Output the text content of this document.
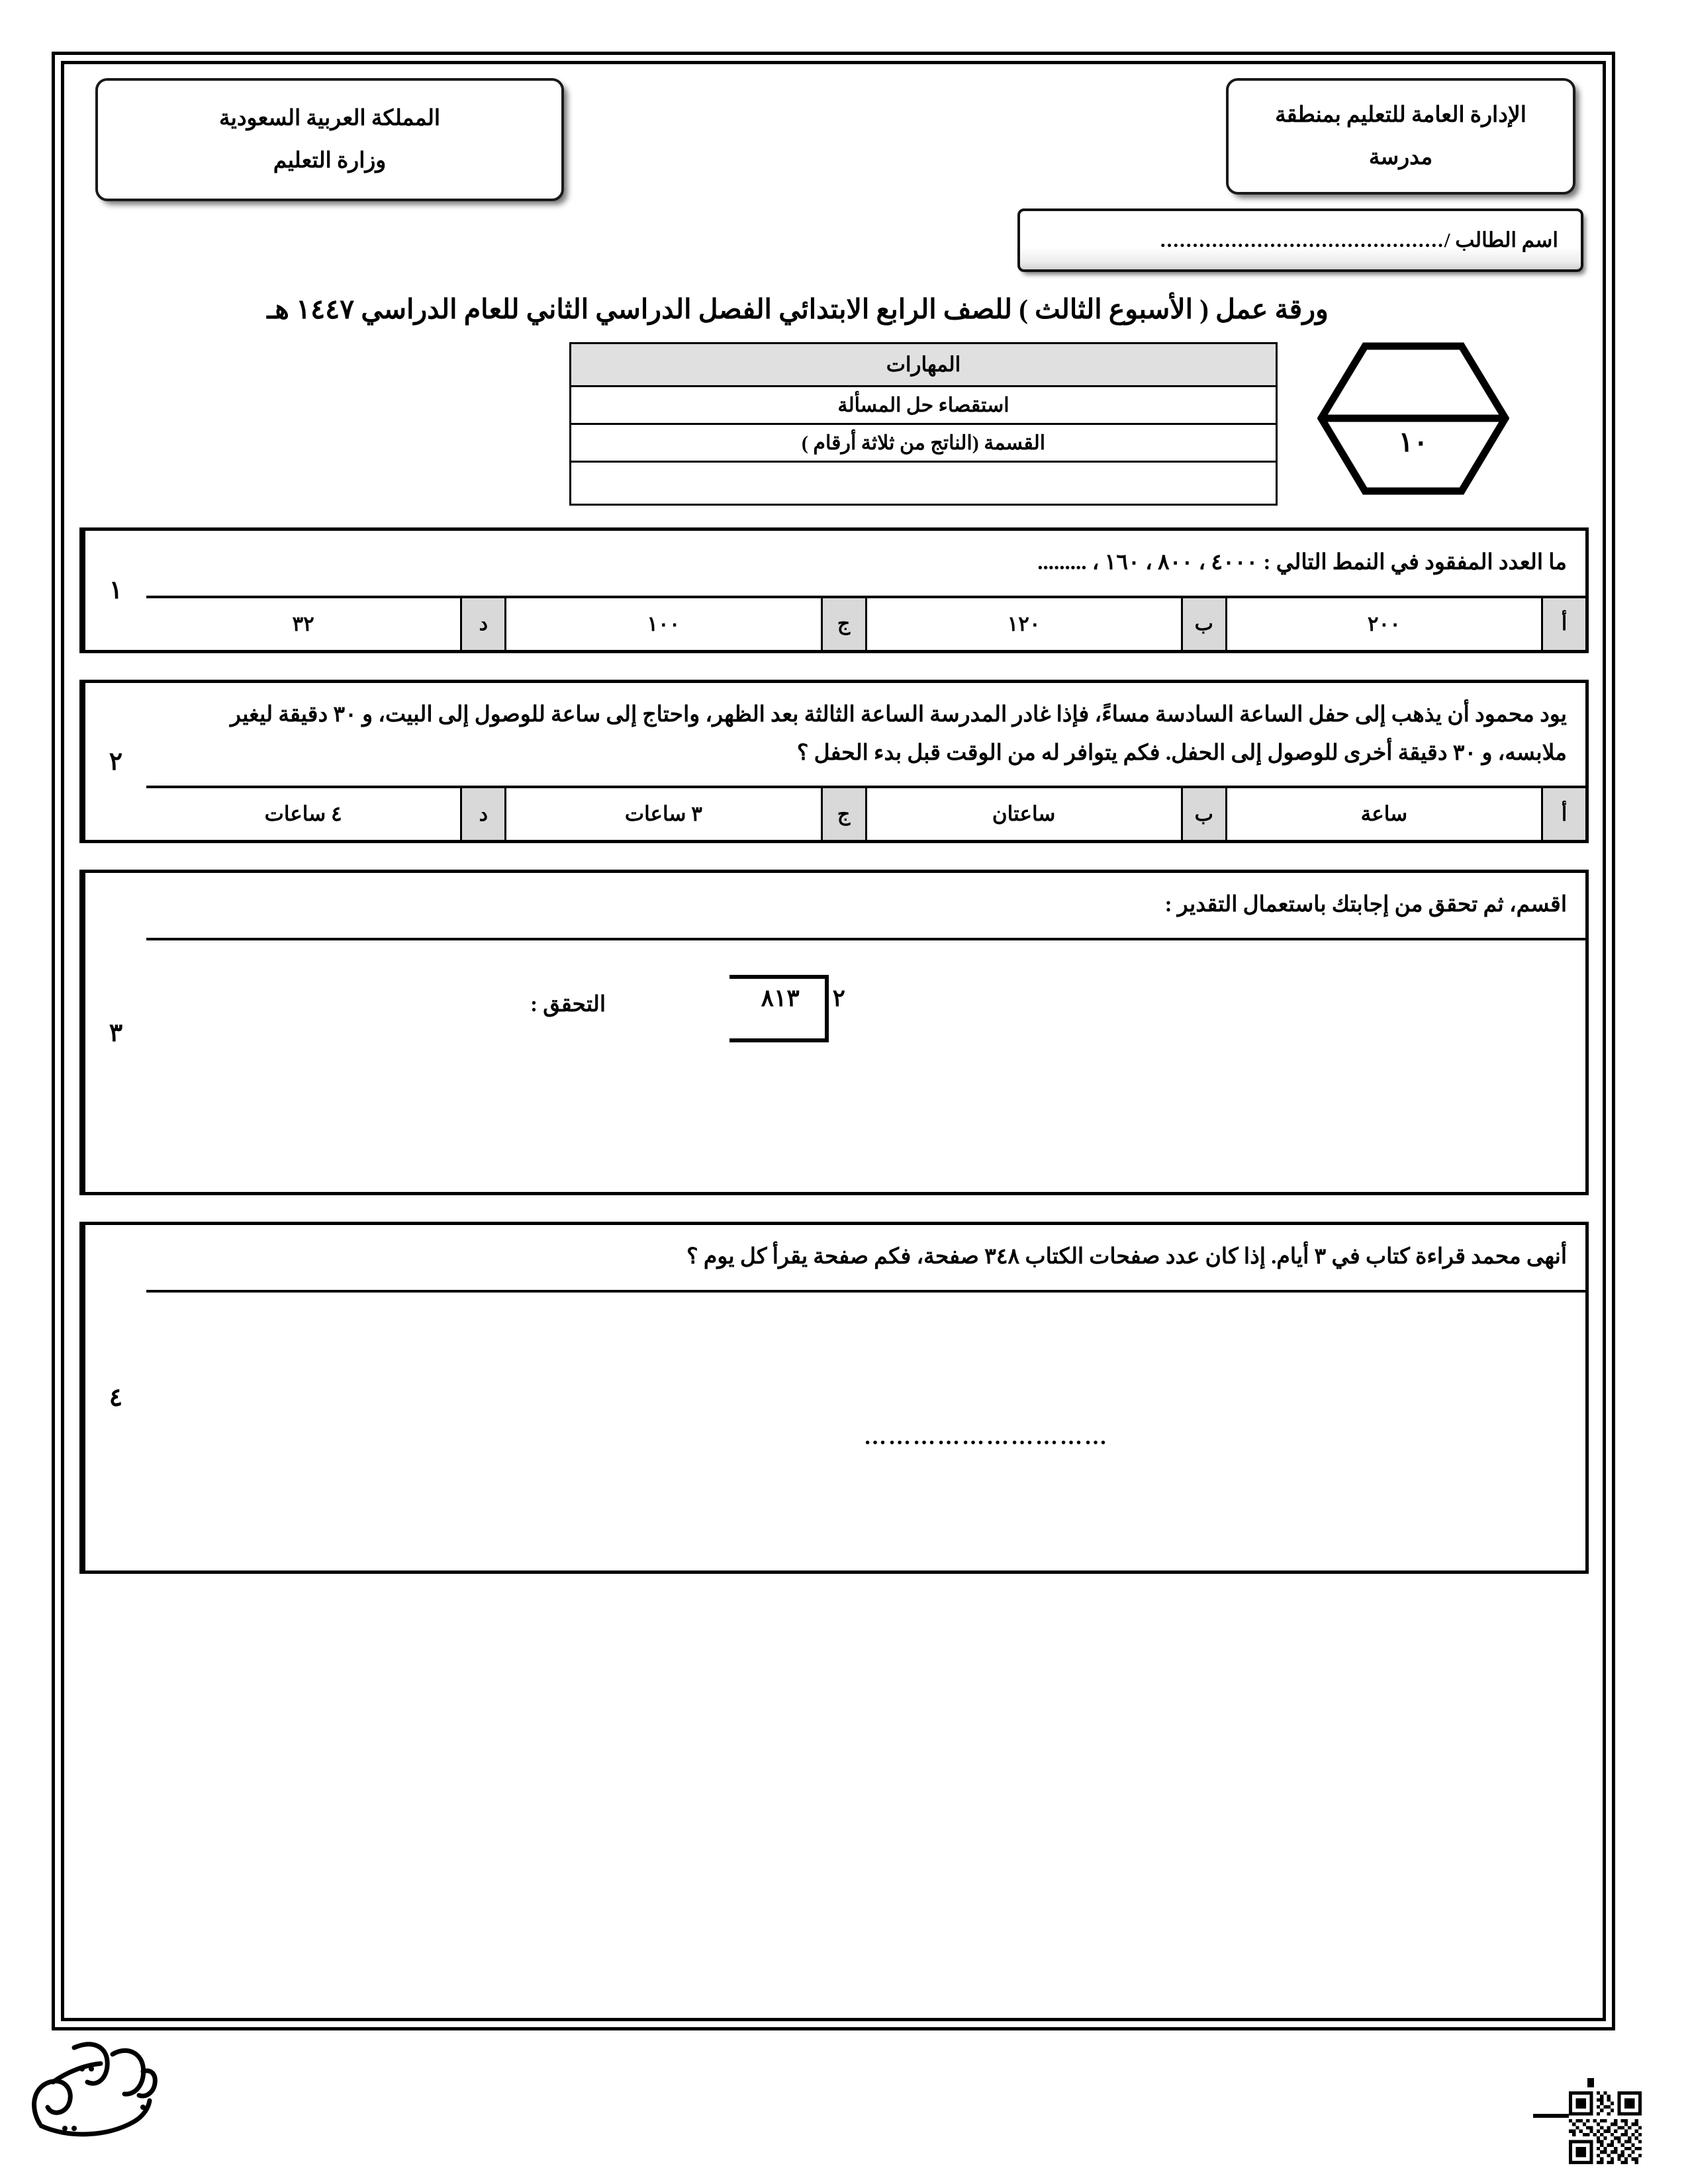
الإدارة العامة للتعليم بمنطقة
مدرسة
المملكة العربية السعودية
وزارة التعليم
اسم الطالب /
............................................
ورقة عمل ( الأسبوع الثالث ) للصف الرابع الابتدائي الفصل الدراسي الثاني للعام الدراسي ١٤٤٧ هـ
١٠
المهارات
استقصاء حل المسألة
القسمة (الناتج من ثلاثة أرقام )

ما العدد المفقود في النمط التالي : ٤٠٠٠ ، ٨٠٠ ، ١٦٠ ، .........
أ
٢٠٠
ب
١٢٠
ج
١٠٠
د
٣٢
١
يود محمود أن يذهب إلى حفل الساعة السادسة مساءً، فإذا غادر المدرسة الساعة الثالثة بعد الظهر، واحتاج إلى ساعة للوصول إلى البيت، و ٣٠ دقيقة ليغير ملابسه، و ٣٠ دقيقة أخرى للوصول إلى الحفل. فكم يتوافر له من الوقت قبل بدء الحفل ؟
أ
ساعة
ب
ساعتان
ج
٣ ساعات
د
٤ ساعات
٢
اقسم، ثم تحقق من إجابتك باستعمال التقدير :
٢
٨١٣
التحقق :
٣
أنهى محمد قراءة كتاب في ٣ أيام. إذا كان عدد صفحات الكتاب ٣٤٨ صفحة، فكم صفحة يقرأ كل يوم ؟
…………………………
٤
